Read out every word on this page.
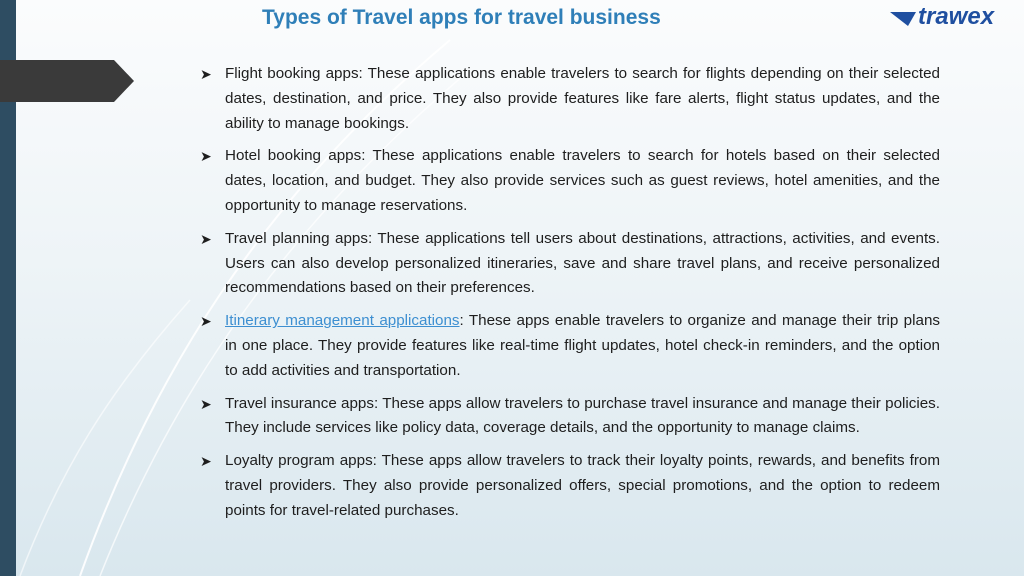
Types of Travel apps for travel business	trawex
➤ Flight booking apps: These applications enable travelers to search for flights depending on their selected dates, destination, and price. They also provide features like fare alerts, flight status updates, and the ability to manage bookings.
➤ Hotel booking apps: These applications enable travelers to search for hotels based on their selected dates, location, and budget. They also provide services such as guest reviews, hotel amenities, and the opportunity to manage reservations.
➤ Travel planning apps: These applications tell users about destinations, attractions, activities, and events. Users can also develop personalized itineraries, save and share travel plans, and receive personalized recommendations based on their preferences.
➤ Itinerary management applications: These apps enable travelers to organize and manage their trip plans in one place. They provide features like real-time flight updates, hotel check-in reminders, and the option to add activities and transportation.
➤ Travel insurance apps: These apps allow travelers to purchase travel insurance and manage their policies. They include services like policy data, coverage details, and the opportunity to manage claims.
➤ Loyalty program apps: These apps allow travelers to track their loyalty points, rewards, and benefits from travel providers. They also provide personalized offers, special promotions, and the option to redeem points for travel-related purchases.
